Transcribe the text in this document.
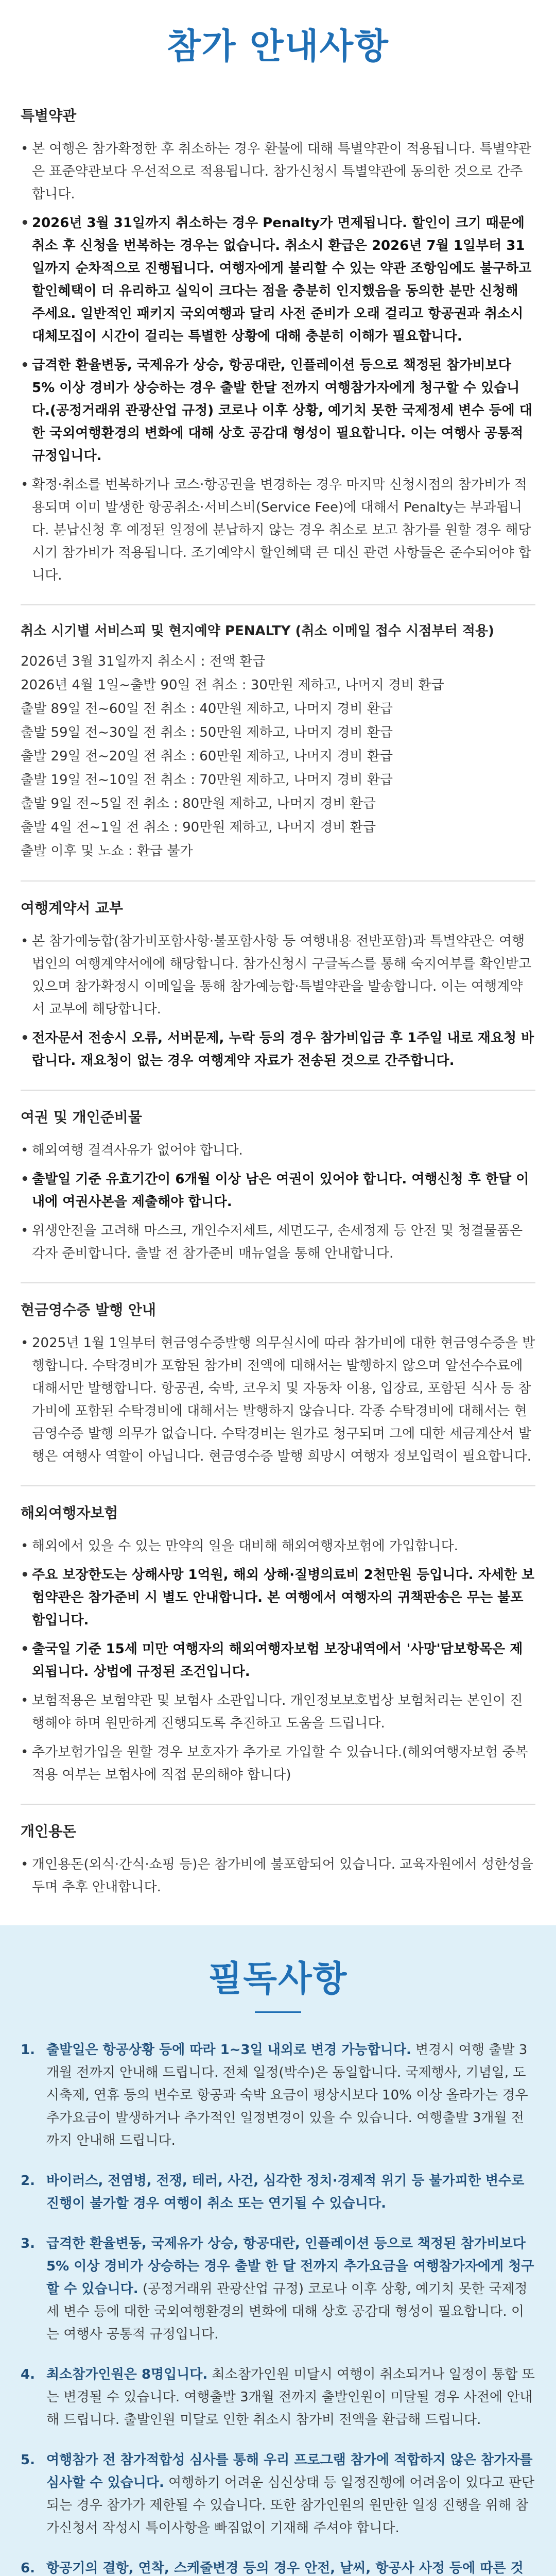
참가 안내사항
특별약관
• 본 여행은 참가확정한 후 취소하는 경우 환불에 대해 특별약관이 적용됩니다. 특별약관은 표준약관보다 우선적으로 적용됩니다. 참가신청시 특별약관에 동의한 것으로 간주합니다.
• 2026년 3월 31일까지 취소하는 경우 Penalty가 면제됩니다. 할인이 크기 때문에 취소 후 신청을 번복하는 경우는 없습니다. 취소시 환급은 2026년 7월 1일부터 31일까지 순차적으로 진행됩니다. 여행자에게 불리할 수 있는 약관 조항임에도 불구하고 할인혜택이 더 유리하고 실익이 크다는 점을 충분히 인지했음을 동의한 분만 신청해 주세요. 일반적인 패키지 국외여행과 달리 사전 준비가 오래 걸리고 항공권과 취소시 대체모집이 시간이 걸리는 특별한 상황에 대해 충분히 이해가 필요합니다.
• 급격한 환율변동, 국제유가 상승, 항공대란, 인플레이션 등으로 책정된 참가비보다 5% 이상 경비가 상승하는 경우 출발 한달 전까지 여행참가자에게 청구할 수 있습니다.(공정거래위 관광산업 규정) 코로나 이후 상황, 예기치 못한 국제정세 변수 등에 대한 국외여행환경의 변화에 대해 상호 공감대 형성이 필요합니다. 이는 여행사 공통적 규정입니다.
• 확정·취소를 번복하거나 코스·항공권을 변경하는 경우 마지막 신청시점의 참가비가 적용되며 이미 발생한 항공취소·서비스비(Service Fee)에 대해서 Penalty는 부과됩니다. 분납신청 후 예정된 일정에 분납하지 않는 경우 취소로 보고 참가를 원할 경우 해당시기 참가비가 적용됩니다. 조기예약시 할인혜택 큰 대신 관련 사항들은 준수되어야 합니다.
취소 시기별 서비스피 및 현지예약 PENALTY (취소 이메일 접수 시점부터 적용)
2026년 3월 31일까지 취소시 : 전액 환급
2026년 4월 1일~출발 90일 전 취소 : 30만원 제하고, 나머지 경비 환급
출발 89일 전~60일 전 취소 : 40만원 제하고, 나머지 경비 환급
출발 59일 전~30일 전 취소 : 50만원 제하고, 나머지 경비 환급
출발 29일 전~20일 전 취소 : 60만원 제하고, 나머지 경비 환급
출발 19일 전~10일 전 취소 : 70만원 제하고, 나머지 경비 환급
출발 9일 전~5일 전 취소 : 80만원 제하고, 나머지 경비 환급
출발 4일 전~1일 전 취소 : 90만원 제하고, 나머지 경비 환급
출발 이후 및 노쇼 : 환급 불가
여행계약서 교부
• 본 참가예능합(참가비포함사항·불포함사항 등 여행내용 전반포함)과 특별약관은 여행법인의 여행계약서에에 해당합니다. 참가신청시 구글독스를 통해 숙지여부를 확인받고 있으며 참가확정시 이메일을 통해 참가예능합·특별약관을 발송합니다. 이는 여행계약서 교부에 해당합니다.
• 전자문서 전송시 오류, 서버문제, 누락 등의 경우 참가비입금 후 1주일 내로 재요청 바랍니다. 재요청이 없는 경우 여행계약 자료가 전송된 것으로 간주합니다.
여권 및 개인준비물
• 해외여행 결격사유가 없어야 합니다.
• 출발일 기준 유효기간이 6개월 이상 남은 여권이 있어야 합니다. 여행신청 후 한달 이내에 여권사본을 제출해야 합니다.
• 위생안전을 고려해 마스크, 개인수저세트, 세면도구, 손세정제 등 안전 및 청결물품은 각자 준비합니다. 출발 전 참가준비 매뉴얼을 통해 안내합니다.
현금영수증 발행 안내
• 2025년 1월 1일부터 현금영수증발행 의무실시에 따라 참가비에 대한 현금영수증을 발행합니다. 수탁경비가 포함된 참가비 전액에 대해서는 발행하지 않으며 알선수수료에 대해서만 발행합니다. 항공권, 숙박, 코우치 및 자동차 이용, 입장료, 포함된 식사 등 참가비에 포함된 수탁경비에 대해서는 발행하지 않습니다. 각종 수탁경비에 대해서는 현금영수증 발행 의무가 없습니다. 수탁경비는 원가로 청구되며 그에 대한 세금계산서 발행은 여행사 역할이 아닙니다. 현금영수증 발행 희망시 여행자 정보입력이 필요합니다.
해외여행자보험
• 해외에서 있을 수 있는 만약의 일을 대비해 해외여행자보험에 가입합니다.
• 주요 보장한도는 상해사망 1억원, 해외 상해·질병의료비 2천만원 등입니다. 자세한 보험약관은 참가준비 시 별도 안내합니다. 본 여행에서 여행자의 귀책판송은 무는 불포함입니다.
• 출국일 기준 15세 미만 여행자의 해외여행자보험 보장내역에서 '사망'담보항목은 제외됩니다. 상법에 규정된 조건입니다.
• 보험적용은 보험약관 및 보험사 소관입니다. 개인정보보호법상 보험처리는 본인이 진행해야 하며 원만하게 진행되도록 추진하고 도움을 드립니다.
• 추가보험가입을 원할 경우 보호자가 추가로 가입할 수 있습니다.(해외여행자보험 중복적용 여부는 보험사에 직접 문의해야 합니다)
개인용돈
• 개인용돈(외식·간식·쇼핑 등)은 참가비에 불포함되어 있습니다. 교육자원에서 성한성을 두며 추후 안내합니다.
필독사항
1. 출발일은 항공상황 등에 따라 1~3일 내외로 변경 가능합니다. 변경시 여행 출발 3개월 전까지 안내해 드립니다. 전체 일정(박수)은 동일합니다. 국제행사, 기념일, 도시축제, 연휴 등의 변수로 항공과 숙박 요금이 평상시보다 10% 이상 올라가는 경우 추가요금이 발생하거나 추가적인 일정변경이 있을 수 있습니다. 여행출발 3개월 전까지 안내해 드립니다.
2. 바이러스, 전염병, 전쟁, 테러, 사건, 심각한 정치·경제적 위기 등 불가피한 변수로 진행이 불가할 경우 여행이 취소 또는 연기될 수 있습니다.
3. 급격한 환율변동, 국제유가 상승, 항공대란, 인플레이션 등으로 책정된 참가비보다 5% 이상 경비가 상승하는 경우 출발 한 달 전까지 추가요금을 여행참가자에게 청구할 수 있습니다. (공정거래위 관광산업 규정) 코로나 이후 상황, 예기치 못한 국제정세 변수 등에 대한 국외여행환경의 변화에 대해 상호 공감대 형성이 필요합니다. 이는 여행사 공통적 규정입니다.
4. 최소참가인원은 8명입니다. 최소참가인원 미달시 여행이 취소되거나 일정이 통합 또는 변경될 수 있습니다. 여행출발 3개월 전까지 출발인원이 미달될 경우 사전에 안내해 드립니다. 출발인원 미달로 인한 취소시 참가비 전액을 환급해 드립니다.
5. 여행참가 전 참가적합성 심사를 통해 우리 프로그램 참가에 적합하지 않은 참가자를 심사할 수 있습니다. 여행하기 어려운 심신상태 등 일정진행에 어려움이 있다고 판단되는 경우 참가가 제한될 수 있습니다. 또한 참가인원의 원만한 일정 진행을 위해 참가신청서 작성시 특이사항을 빠짐없이 기재해 주셔야 합니다.
6. 항공기의 결항, 연착, 스케줄변경 등의 경우 안전, 날씨, 항공사 사정 등에 따른 것
